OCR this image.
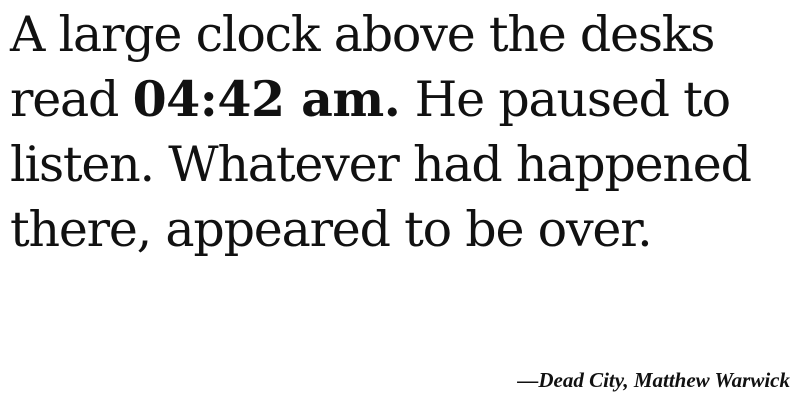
A large clock above the desks read 04:42 am. He paused to listen. Whatever had happened there, appeared to be over.

—Dead City, Matthew Warwick
